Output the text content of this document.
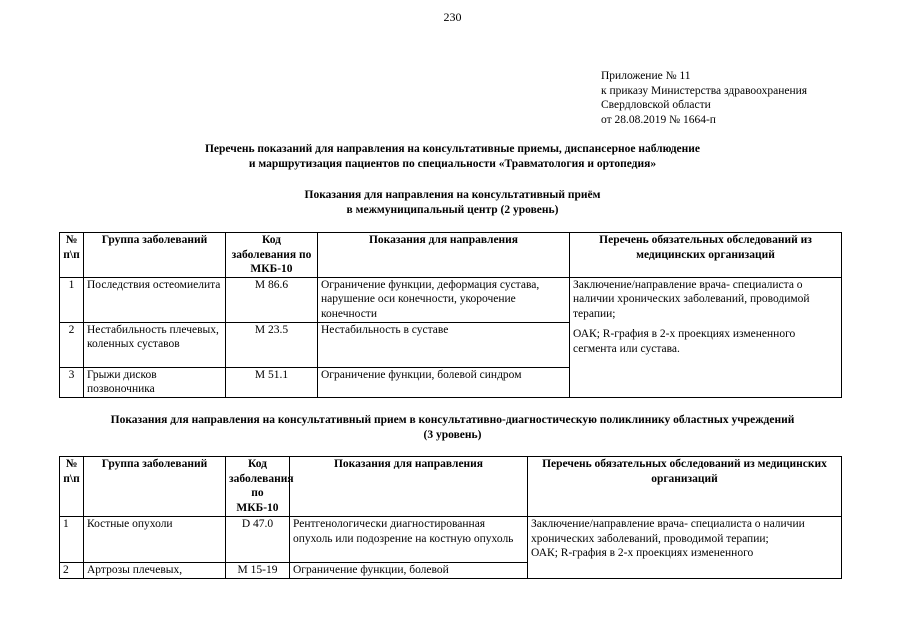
230
Приложение № 11
к приказу Министерства здравоохранения
Свердловской области
от 28.08.2019 № 1664-п
Перечень показаний для направления на консультативные приемы, диспансерное наблюдение
и маршрутизация пациентов по специальности «Травматология и ортопедия»
Показания для направления на консультативный приём
в межмуниципальный центр (2 уровень)
№ п\п	Группа заболеваний	Код заболевания по МКБ-10	Показания для направления	Перечень обязательных обследований из медицинских организаций
1	Последствия остеомиелита	М 86.6	Ограничение функции, деформация сустава, нарушение оси конечности, укорочение конечности	Заключение/направление врача- специалиста о наличии хронических заболеваний, проводимой терапии;
ОАК; R-графия в 2-х проекциях измененного сегмента или сустава.

2	Нестабильность плечевых, коленных суставов	М 23.5	Нестабильность в суставе	
3	Грыжи дисков позвоночника	М 51.1	Ограничение функции, болевой синдром	
Показания для направления на консультативный прием в консультативно-диагностическую поликлинику областных учреждений
(3 уровень)
№ п\п	Группа заболеваний	Код заболевания по МКБ-10	Показания для направления	Перечень обязательных обследований из медицинских организаций
1	Костные опухоли	D 47.0	Рентгенологически диагностированная опухоль или подозрение на костную опухоль	Заключение/направление врача- специалиста о наличии хронических заболеваний, проводимой терапии;
ОАК; R-графия в 2-х проекциях измененного

2	Артрозы плечевых,	М 15-19	Ограничение функции, болевой	
